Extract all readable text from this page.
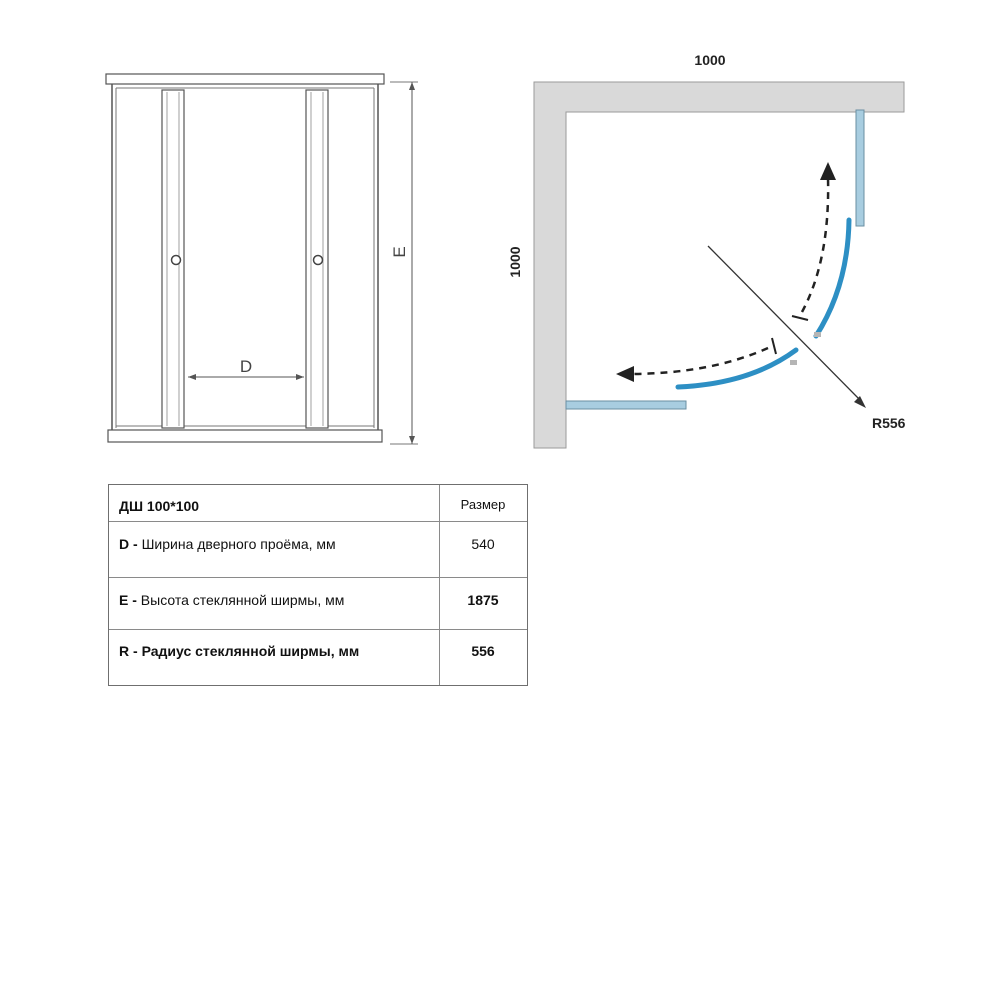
D
E
1000
1000
R556
ДШ 100*100	Размер
D - Ширина дверного проёма, мм	540
E - Высота стеклянной ширмы, мм	1875
R - Радиус стеклянной ширмы, мм	556
